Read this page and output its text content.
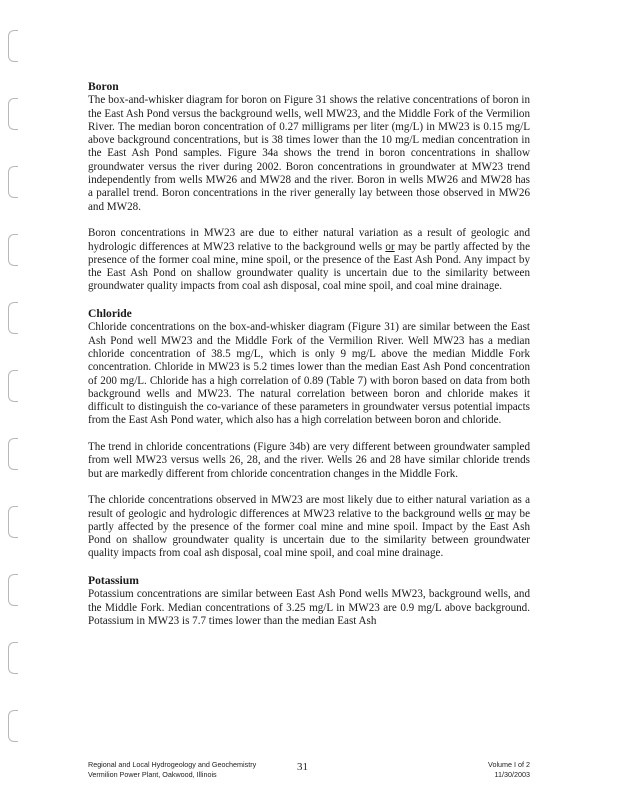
Boron

The box-and-whisker diagram for boron on Figure 31 shows the relative concentrations of boron in the East Ash Pond versus the background wells, well MW23, and the Middle Fork of the Vermilion River. The median boron concentration of 0.27 milligrams per liter (mg/L) in MW23 is 0.15 mg/L above background concentrations, but is 38 times lower than the 10 mg/L median concentration in the East Ash Pond samples. Figure 34a shows the trend in boron concentrations in shallow groundwater versus the river during 2002. Boron concentrations in groundwater at MW23 trend independently from wells MW26 and MW28 and the river. Boron in wells MW26 and MW28 has a parallel trend. Boron concentrations in the river generally lay between those observed in MW26 and MW28.

Boron concentrations in MW23 are due to either natural variation as a result of geologic and hydrologic differences at MW23 relative to the background wells or may be partly affected by the presence of the former coal mine, mine spoil, or the presence of the East Ash Pond. Any impact by the East Ash Pond on shallow groundwater quality is uncertain due to the similarity between groundwater quality impacts from coal ash disposal, coal mine spoil, and coal mine drainage.

Chloride

Chloride concentrations on the box-and-whisker diagram (Figure 31) are similar between the East Ash Pond well MW23 and the Middle Fork of the Vermilion River. Well MW23 has a median chloride concentration of 38.5 mg/L, which is only 9 mg/L above the median Middle Fork concentration. Chloride in MW23 is 5.2 times lower than the median East Ash Pond concentration of 200 mg/L. Chloride has a high correlation of 0.89 (Table 7) with boron based on data from both background wells and MW23. The natural correlation between boron and chloride makes it difficult to distinguish the co-variance of these parameters in groundwater versus potential impacts from the East Ash Pond water, which also has a high correlation between boron and chloride.

The trend in chloride concentrations (Figure 34b) are very different between groundwater sampled from well MW23 versus wells 26, 28, and the river. Wells 26 and 28 have similar chloride trends but are markedly different from chloride concentration changes in the Middle Fork.

The chloride concentrations observed in MW23 are most likely due to either natural variation as a result of geologic and hydrologic differences at MW23 relative to the background wells or may be partly affected by the presence of the former coal mine and mine spoil. Impact by the East Ash Pond on shallow groundwater quality is uncertain due to the similarity between groundwater quality impacts from coal ash disposal, coal mine spoil, and coal mine drainage.

Potassium

Potassium concentrations are similar between East Ash Pond wells MW23, background wells, and the Middle Fork. Median concentrations of 3.25 mg/L in MW23 are 0.9 mg/L above background. Potassium in MW23 is 7.7 times lower than the median East Ash

Regional and Local Hydrogeology and Geochemistry
Vermilion Power Plant, Oakwood, Illinois
31	Volume I of 2
11/30/2003
